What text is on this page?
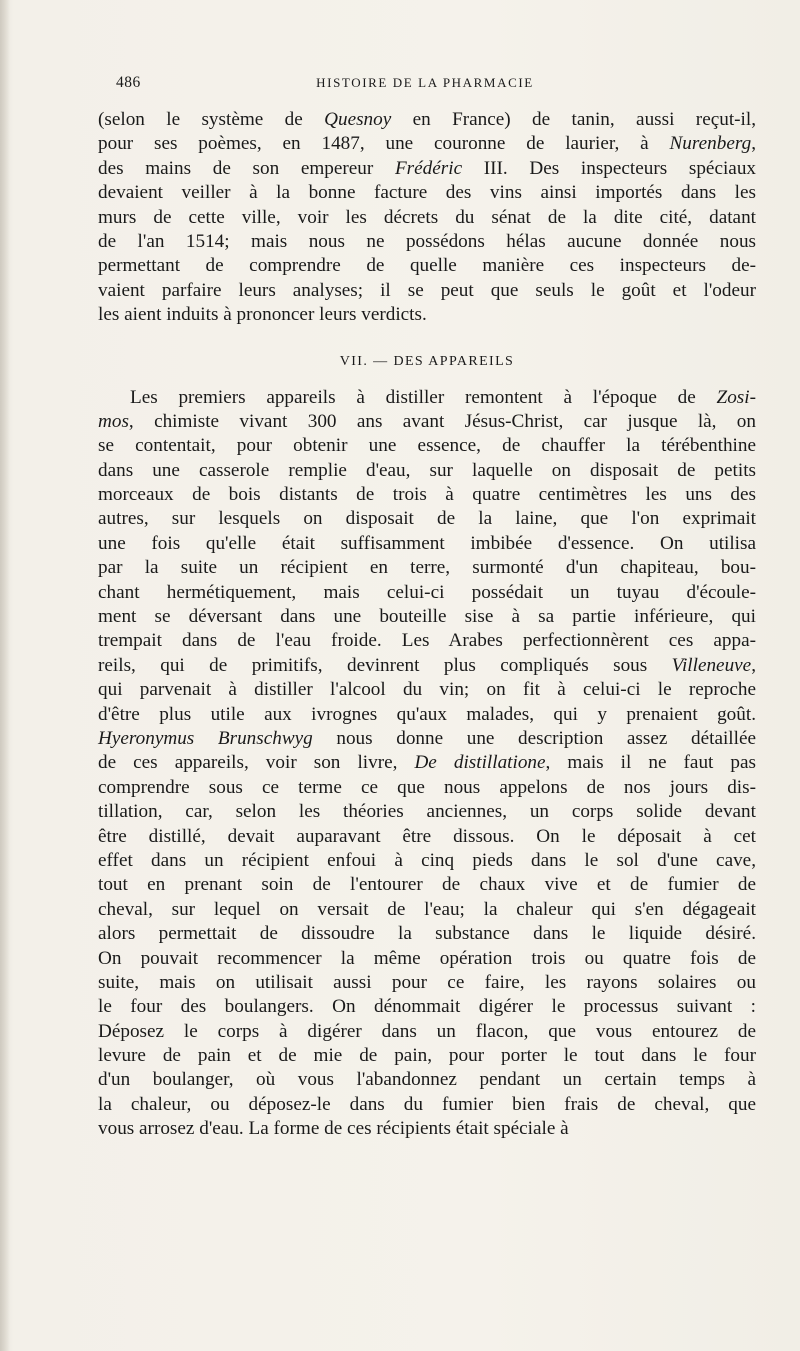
486	HISTOIRE DE LA PHARMACIE
(selon le système de Quesnoy en France) de tanin, aussi reçut-il,
pour ses poèmes, en 1487, une couronne de laurier, à Nurenberg,
des mains de son empereur Frédéric III. Des inspecteurs spéciaux
devaient veiller à la bonne facture des vins ainsi importés dans les
murs de cette ville, voir les décrets du sénat de la dite cité, datant
de l'an 1514; mais nous ne possédons hélas aucune donnée nous
permettant de comprendre de quelle manière ces inspecteurs de-
vaient parfaire leurs analyses; il se peut que seuls le goût et l'odeur
les aient induits à prononcer leurs verdicts.
VII. — DES APPAREILS
Les premiers appareils à distiller remontent à l'époque de Zosi-
mos, chimiste vivant 300 ans avant Jésus-Christ, car jusque là, on
se contentait, pour obtenir une essence, de chauffer la térébenthine
dans une casserole remplie d'eau, sur laquelle on disposait de petits
morceaux de bois distants de trois à quatre centimètres les uns des
autres, sur lesquels on disposait de la laine, que l'on exprimait
une fois qu'elle était suffisamment imbibée d'essence. On utilisa
par la suite un récipient en terre, surmonté d'un chapiteau, bou-
chant hermétiquement, mais celui-ci possédait un tuyau d'écoule-
ment se déversant dans une bouteille sise à sa partie inférieure, qui
trempait dans de l'eau froide. Les Arabes perfectionnèrent ces appa-
reils, qui de primitifs, devinrent plus compliqués sous Villeneuve,
qui parvenait à distiller l'alcool du vin; on fit à celui-ci le reproche
d'être plus utile aux ivrognes qu'aux malades, qui y prenaient goût.
Hyeronymus Brunschwyg nous donne une description assez détaillée
de ces appareils, voir son livre, De distillatione, mais il ne faut pas
comprendre sous ce terme ce que nous appelons de nos jours dis-
tillation, car, selon les théories anciennes, un corps solide devant
être distillé, devait auparavant être dissous. On le déposait à cet
effet dans un récipient enfoui à cinq pieds dans le sol d'une cave,
tout en prenant soin de l'entourer de chaux vive et de fumier de
cheval, sur lequel on versait de l'eau; la chaleur qui s'en dégageait
alors permettait de dissoudre la substance dans le liquide désiré.
On pouvait recommencer la même opération trois ou quatre fois de
suite, mais on utilisait aussi pour ce faire, les rayons solaires ou
le four des boulangers. On dénommait digérer le processus suivant :
Déposez le corps à digérer dans un flacon, que vous entourez de
levure de pain et de mie de pain, pour porter le tout dans le four
d'un boulanger, où vous l'abandonnez pendant un certain temps à
la chaleur, ou déposez-le dans du fumier bien frais de cheval, que
vous arrosez d'eau. La forme de ces récipients était spéciale à
